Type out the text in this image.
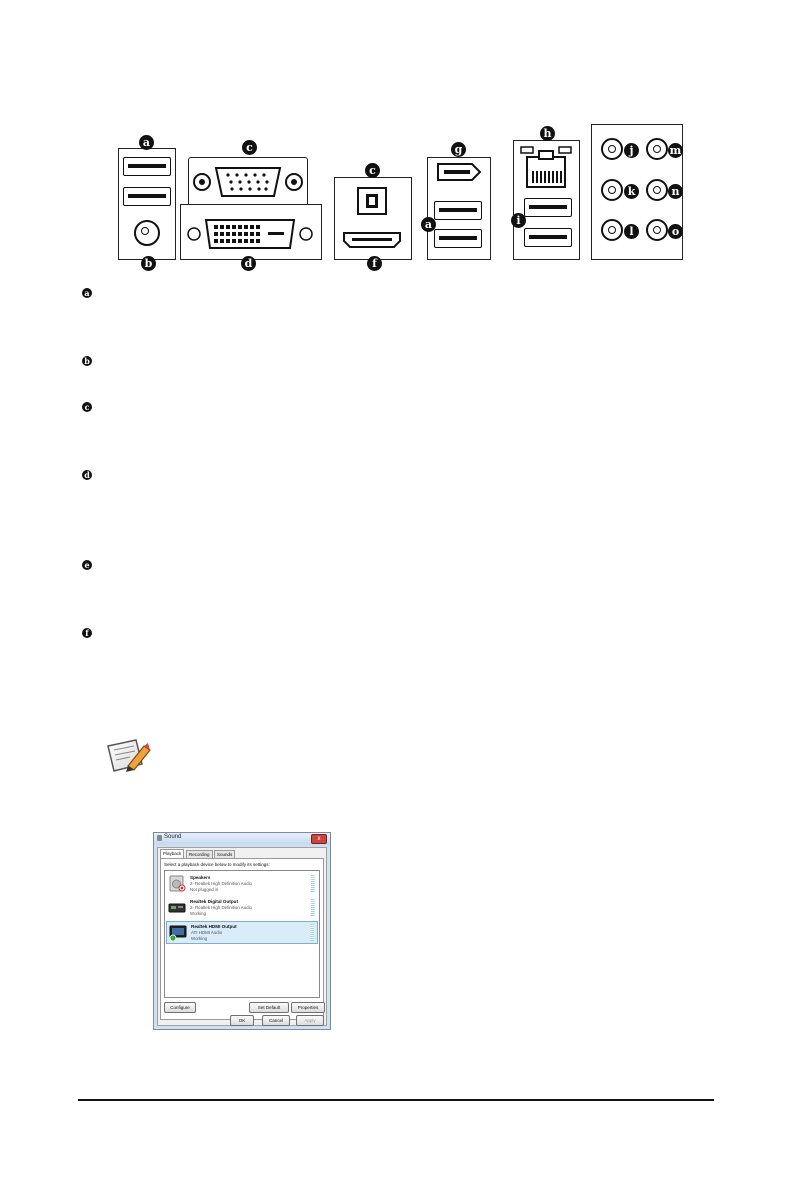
a
b
c
d
c
f
g
a
h
i
j
k
l
m
n
o
a
b
c
d
e
f
Sound	x
Playback	Recording	Sounds
Select a playback device below to modify its settings:
Speakers
2- Realtek High Definition Audio
Not plugged in
Realtek Digital Output
2- Realtek High Definition Audio
Working
Realtek HDMI Output
ATI HDMI Audio
Working
Configure	Set Default	Properties
OK	Cancel	Apply
